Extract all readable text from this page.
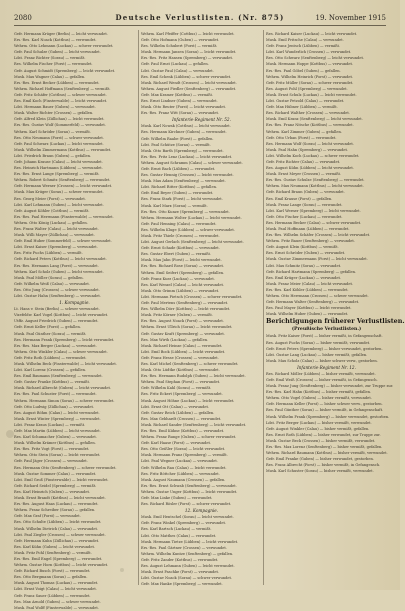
2080	Deutsche Verlustlisten. (Nr. 875)	19. November 1915
Gefr. Hermann Krüger (Berlin) — leicht verwundet.
Ers.-Res. Karl Noack (Kottbus) — verwundet.
Wehrm. Otto Lehmann (Luckau) — schwer verwundet.
Gefr. Paul Schulze (Guben) — leicht verwundet.
Ldst. Franz Richter (Sorau) — vermißt.
Res. Wilhelm Fischer (Forst) — verwundet.
Gefr. August Schmidt (Spremberg) — leicht verwundet.
Musk. Max Wagner (Calau) — gefallen.
Ers.-Res. Ernst Becker (Lübben) — verwundet.
Wehrm. Richard Hoffmann (Senftenberg) — vermißt.
Gefr. Fritz Schäfer (Cottbus) — schwer verwundet.
Res. Emil Koch (Finsterwalde) — leicht verwundet.
Ldst. Hermann Bauer (Guben) — verwundet.
Musk. Walter Richter (Crossen) — gefallen.
Gefr. Alfred Klein (Züllichau) — leicht verwundet.
Ers.-Res. Gustav Wolf (Sommerfeld) — verwundet.
Wehrm. Karl Schröder (Sorau) — vermißt.
Res. Otto Neumann (Forst) — schwer verwundet.
Gefr. Paul Schwarz (Luckau) — leicht verwundet.
Musk. Wilhelm Zimmermann (Kottbus) — verwundet.
Ldst. Friedrich Braun (Guben) — gefallen.
Gefr. Johann Krause (Calau) — leicht verwundet.
Res. Heinrich Hartmann (Lübben) — verwundet.
Ers.-Res. Ernst Lange (Spremberg) — vermißt.
Wehrm. Robert Schmitz (Senftenberg) — verwundet.
Gefr. Hermann Werner (Crossen) — leicht verwundet.
Musk. Max Krüger (Sorau) — schwer verwundet.
Res. Georg Meier (Forst) — verwundet.
Ldst. Karl Lehmann (Guben) — leicht verwundet.
Gefr. August Köhler (Cottbus) — vermißt.
Ers.-Res. Paul Herrmann (Finsterwalde) — verwundet.
Wehrm. Otto König (Luckau) — gefallen.
Res. Franz Walter (Calau) — leicht verwundet.
Musk. Willi Mayer (Züllichau) — verwundet.
Gefr. Emil Huber (Sommerfeld) — schwer verwundet.
Ldst. Ernst Kaiser (Spremberg) — verwundet.
Res. Fritz Fuchs (Lübben) — vermißt.
Gefr. Richard Peters (Kottbus) — leicht verwundet.
Ers.-Res. Hermann Lang (Forst) — verwundet.
Wehrm. Karl Scholz (Guben) — leicht verwundet.
Musk. Paul Möller (Sorau) — gefallen.
Gefr. Wilhelm Weiß (Calau) — verwundet.
Res. Otto Jung (Crossen) — schwer verwundet.
Ldst. Gustav Hahn (Senftenberg) — verwundet.
1. Kompagnie.
Lt. Hans v. Stein (Berlin) — schwer verwundet.
Vizefeldw. Karl Vogel (Kottbus) — leicht verwundet.
Utffz. August Friedrich (Guben) — verwundet.
Gefr. Ernst Keller (Forst) — gefallen.
Musk. Paul Günther (Sorau) — vermißt.
Res. Hermann Frank (Spremberg) — leicht verwundet.
Ers.-Res. Max Berger (Luckau) — verwundet.
Wehrm. Otto Winkler (Calau) — schwer verwundet.
Gefr. Fritz Roth (Lübben) — verwundet.
Musk. Wilhelm Beck (Finsterwalde) — leicht verwundet.
Ldst. Karl Lorenz (Crossen) — gefallen.
Res. Emil Baumann (Senftenberg) — verwundet.
Gefr. Gustav Franke (Kottbus) — vermißt.
Musk. Richard Albrecht (Guben) — leicht verwundet.
Ers.-Res. Paul Schuster (Forst) — verwundet.
Wehrm. Hermann Simon (Sorau) — schwer verwundet.
Gefr. Otto Ludwig (Züllichau) — verwundet.
Res. August Böhm (Calau) — leicht verwundet.
Musk. Ernst Winter (Spremberg) — verwundet.
Ldst. Franz Kraus (Luckau) — vermißt.
Gefr. Max Martin (Lübben) — leicht verwundet.
Res. Karl Schumacher (Guben) — verwundet.
Musk. Wilhelm Krämer (Kottbus) — gefallen.
Ers.-Res. Fritz Vogt (Forst) — verwundet.
Wehrm. Otto Stein (Sorau) — leicht verwundet.
Gefr. Paul Jäger (Crossen) — verwundet.
Res. Hermann Otto (Senftenberg) — schwer verwundet.
Musk. Gustav Sommer (Calau) — verwundet.
Ldst. Emil Groß (Finsterwalde) — leicht verwundet.
Gefr. Richard Seidel (Spremberg) — vermißt.
Res. Karl Heinrich (Guben) — verwundet.
Musk. Ernst Brandt (Kottbus) — leicht verwundet.
Ers.-Res. August Haas (Luckau) — verwundet.
Wehrm. Franz Schreiber (Sorau) — gefallen.
Gefr. Max Graf (Forst) — verwundet.
Res. Otto Schulte (Lübben) — leicht verwundet.
Musk. Wilhelm Dietrich (Calau) — verwundet.
Ldst. Paul Ziegler (Crossen) — schwer verwundet.
Gefr. Hermann Kuhn (Züllichau) — verwundet.
Res. Karl Kühn (Guben) — leicht verwundet.
Musk. Fritz Pohl (Senftenberg) — vermißt.
Ers.-Res. Emil Engel (Spremberg) — verwundet.
Wehrm. Gustav Horn (Kottbus) — leicht verwundet.
Gefr. Richard Busch (Forst) — verwundet.
Res. Otto Bergmann (Sorau) — gefallen.
Musk. August Thomas (Luckau) — verwundet.
Ldst. Ernst Voigt (Calau) — leicht verwundet.
Gefr. Franz Sauer (Lübben) — verwundet.
Res. Max Arnold (Guben) — schwer verwundet.
Musk. Paul Wolff (Finsterwalde) — verwundet.
Wehrm. Karl Pfeiffer (Cottbus) — leicht verwundet.
Gefr. Otto Hofmann (Guben) — verwundet.
Res. Wilhelm Schubert (Forst) — vermißt.
Musk. Hermann Jansen (Sorau) — leicht verwundet.
Ers.-Res. Fritz Hansen (Spremberg) — verwundet.
Gefr. Paul Ernst (Luckau) — gefallen.
Ldst. Gustav Paul (Calau) — verwundet.
Res. Emil Schenk (Lübben) — schwer verwundet.
Musk. Richard Wendt (Crossen) — leicht verwundet.
Wehrm. August Fiedler (Senftenberg) — verwundet.
Gefr. Max Kramer (Kottbus) — vermißt.
Res. Ernst Lindner (Guben) — verwundet.
Musk. Otto Reuter (Forst) — leicht verwundet.
Ers.-Res. Franz Witt (Sorau) — verwundet.
Infanterie-Regiment Nr. 52.
Musk. Karl Nowak (Cottbus) — leicht verwundet.
Res. Hermann Kirchner (Guben) — verwundet.
Gefr. Wilhelm Raabe (Forst) — gefallen.
Ldst. Paul Schütze (Sorau) — vermißt.
Musk. Otto Barth (Spremberg) — verwundet.
Ers.-Res. Fritz Lenz (Luckau) — leicht verwundet.
Wehrm. August Schramm (Calau) — schwer verwundet.
Gefr. Ernst Bach (Lübben) — verwundet.
Res. Gustav Hennig (Crossen) — leicht verwundet.
Musk. Max Adam (Senftenberg) — verwundet.
Ldst. Richard Ritter (Kottbus) — gefallen.
Gefr. Emil Beyer (Guben) — verwundet.
Res. Franz Stark (Forst) — leicht verwundet.
Musk. Karl Marx (Sorau) — vermißt.
Ers.-Res. Otto Kunze (Spremberg) — verwundet.
Wehrm. Hermann Wolter (Luckau) — leicht verwundet.
Gefr. Paul Henning (Calau) — verwundet.
Res. Wilhelm Kluge (Lübben) — schwer verwundet.
Musk. Fritz Thiele (Crossen) — verwundet.
Ldst. August Gerlach (Senftenberg) — leicht verwundet.
Gefr. Ernst Schade (Kottbus) — verwundet.
Res. Gustav Ebert (Guben) — vermißt.
Musk. Max Jahn (Forst) — leicht verwundet.
Ers.-Res. Richard Rose (Sorau) — verwundet.
Wehrm. Emil Seifert (Spremberg) — gefallen.
Gefr. Franz Kurz (Luckau) — verwundet.
Res. Karl Wenzel (Calau) — leicht verwundet.
Musk. Otto Grimm (Lübben) — verwundet.
Ldst. Hermann Pietsch (Crossen) — schwer verwundet.
Gefr. Paul Mertens (Senftenberg) — verwundet.
Res. Wilhelm Dörr (Kottbus) — leicht verwundet.
Musk. Fritz Körner (Guben) — vermißt.
Ers.-Res. August Noack (Forst) — verwundet.
Wehrm. Ernst Ullrich (Sorau) — leicht verwundet.
Gefr. Gustav Kraft (Spremberg) — verwundet.
Res. Max Wirth (Luckau) — gefallen.
Musk. Richard Heinze (Calau) — verwundet.
Ldst. Emil Bock (Lübben) — leicht verwundet.
Gefr. Franz Hesse (Crossen) — verwundet.
Res. Karl Michel (Senftenberg) — schwer verwundet.
Musk. Otto Lüdtke (Kottbus) — verwundet.
Ers.-Res. Hermann Rudolph (Guben) — leicht verwundet.
Wehrm. Paul Stephan (Forst) — verwundet.
Gefr. Wilhelm Kahl (Sorau) — vermißt.
Res. Fritz Eckert (Spremberg) — verwundet.
Musk. August Höhne (Luckau) — leicht verwundet.
Ldst. Ernst Ott (Calau) — verwundet.
Gefr. Gustav Reich (Lübben) — gefallen.
Res. Max Gebhardt (Crossen) — verwundet.
Musk. Richard Sander (Senftenberg) — leicht verwundet.
Ers.-Res. Emil Kühne (Kottbus) — verwundet.
Wehrm. Franz Runge (Guben) — schwer verwundet.
Gefr. Karl Haase (Forst) — verwundet.
Res. Otto Geißler (Sorau) — leicht verwundet.
Musk. Hermann Franz (Spremberg) — vermißt.
Ldst. Paul Wegner (Luckau) — verwundet.
Gefr. Wilhelm Rau (Calau) — leicht verwundet.
Res. Fritz Böttcher (Lübben) — verwundet.
Musk. August Naumann (Crossen) — gefallen.
Ers.-Res. Ernst Schwab (Senftenberg) — verwundet.
Wehrm. Gustav Unger (Kottbus) — leicht verwundet.
Gefr. Max Linke (Guben) — verwundet.
Res. Richard Rösler (Forst) — schwer verwundet.
12. Kompagnie.
Musk. Emil Hentschel (Sorau) — leicht verwundet.
Gefr. Franz Winkel (Spremberg) — verwundet.
Res. Karl Bartsch (Luckau) — vermißt.
Ldst. Otto Matthes (Calau) — verwundet.
Musk. Hermann Tietze (Lübben) — leicht verwundet.
Ers.-Res. Paul Gärtner (Crossen) — verwundet.
Wehrm. Wilhelm Kuntze (Senftenberg) — gefallen.
Gefr. Fritz Zander (Kottbus) — verwundet.
Res. August Lehmann (Guben) — leicht verwundet.
Musk. Ernst Paschke (Forst) — verwundet.
Ldst. Gustav Noack (Sorau) — schwer verwundet.
Gefr. Max Hanke (Spremberg) — verwundet.
Res. Richard Kaiser (Luckau) — leicht verwundet.
Musk. Emil Fritsche (Calau) — verwundet.
Gefr. Franz Jentsch (Lübben) — vermißt.
Ldst. Karl Wunderlich (Crossen) — verwundet.
Res. Otto Schwarz (Senftenberg) — leicht verwundet.
Musk. Hermann Hoppe (Kottbus) — verwundet.
Ers.-Res. Paul Göbel (Guben) — gefallen.
Wehrm. Wilhelm Heinrich (Forst) — verwundet.
Gefr. Fritz Müller (Sorau) — schwer verwundet.
Res. August Pohl (Spremberg) — verwundet.
Musk. Ernst Schulz (Luckau) — leicht verwundet.
Ldst. Gustav Petzold (Calau) — verwundet.
Gefr. Max Hübner (Lübben) — vermißt.
Res. Richard Walther (Crossen) — verwundet.
Musk. Emil Kranz (Senftenberg) — leicht verwundet.
Ers.-Res. Franz Nitsche (Kottbus) — verwundet.
Wehrm. Karl Zimmer (Guben) — gefallen.
Gefr. Otto Urban (Forst) — verwundet.
Res. Hermann Wolf (Sorau) — leicht verwundet.
Musk. Paul Hahn (Spremberg) — verwundet.
Ldst. Wilhelm Koch (Luckau) — schwer verwundet.
Gefr. Fritz Richter (Calau) — verwundet.
Res. August Kühn (Lübben) — leicht verwundet.
Musk. Ernst Meyer (Crossen) — vermißt.
Ers.-Res. Gustav Schulze (Senftenberg) — verwundet.
Wehrm. Max Neumann (Kottbus) — leicht verwundet.
Gefr. Richard Braun (Guben) — verwundet.
Res. Emil Krause (Forst) — gefallen.
Musk. Franz Lange (Sorau) — verwundet.
Ldst. Karl Werner (Spremberg) — leicht verwundet.
Gefr. Otto Fischer (Luckau) — verwundet.
Res. Hermann Becker (Calau) — schwer verwundet.
Musk. Paul Hoffmann (Lübben) — verwundet.
Ers.-Res. Wilhelm Schäfer (Crossen) — leicht verwundet.
Wehrm. Fritz Bauer (Senftenberg) — verwundet.
Gefr. August Klein (Kottbus) — vermißt.
Res. Ernst Schröder (Guben) — verwundet.
Musk. Gustav Zimmermann (Forst) — leicht verwundet.
Ldst. Max Schmitz (Sorau) — verwundet.
Gefr. Richard Hartmann (Spremberg) — gefallen.
Res. Emil Krüger (Luckau) — verwundet.
Musk. Franz Meier (Calau) — leicht verwundet.
Ers.-Res. Karl Köhler (Lübben) — verwundet.
Wehrm. Otto Herrmann (Crossen) — schwer verwundet.
Gefr. Hermann Walter (Senftenberg) — verwundet.
Res. Paul Mayer (Kottbus) — leicht verwundet.
Musk. Wilhelm Huber (Guben) — verwundet.
Berichtigungen früherer Verlustlisten.
(Preußische Verlustlisten.)
Musk. Fritz Kaiser (Forst) — bisher vermißt, in Gefangenschaft.
Res. August Fuchs (Sorau) — bisher vermißt, verwundet.
Gefr. Ernst Peters (Spremberg) — bisher verwundet, gestorben.
Ldst. Gustav Lang (Luckau) — bisher vermißt, gefallen.
Musk. Max Scholz (Calau) — bisher schwer verw., gestorben.
Infanterie-Regiment Nr. 12.
Res. Richard Möller (Lübben) — bisher vermißt, verwundet.
Gefr. Emil Weiß (Crossen) — bisher vermißt, in Gefangensch.
Musk. Franz Jung (Senftenberg) — bisher verwundet, zur Truppe zur.
Ers.-Res. Karl Hahn (Kottbus) — bisher vermißt, gefallen.
Wehrm. Otto Vogel (Guben) — bisher vermißt, verwundet.
Gefr. Hermann Keller (Forst) — bisher schwer verw., gestorben.
Res. Paul Günther (Sorau) — bisher vermißt, in Gefangenschaft.
Musk. Wilhelm Frank (Spremberg) — bisher verwundet, gestorben.
Ldst. Fritz Berger (Luckau) — bisher vermißt, verwundet.
Gefr. August Winkler (Calau) — bisher vermißt, gefallen.
Res. Ernst Roth (Lübben) — bisher verwundet, zur Truppe zur.
Musk. Gustav Beck (Crossen) — bisher vermißt, verwundet.
Ers.-Res. Max Lorenz (Senftenberg) — bisher vermißt, gefallen.
Wehrm. Richard Baumann (Kottbus) — bisher vermißt, verwundet.
Gefr. Emil Franke (Guben) — bisher verwundet, gestorben.
Res. Franz Albrecht (Forst) — bisher vermißt, in Gefangensch.
Musk. Karl Schuster (Sorau) — bisher vermißt, verwundet.
